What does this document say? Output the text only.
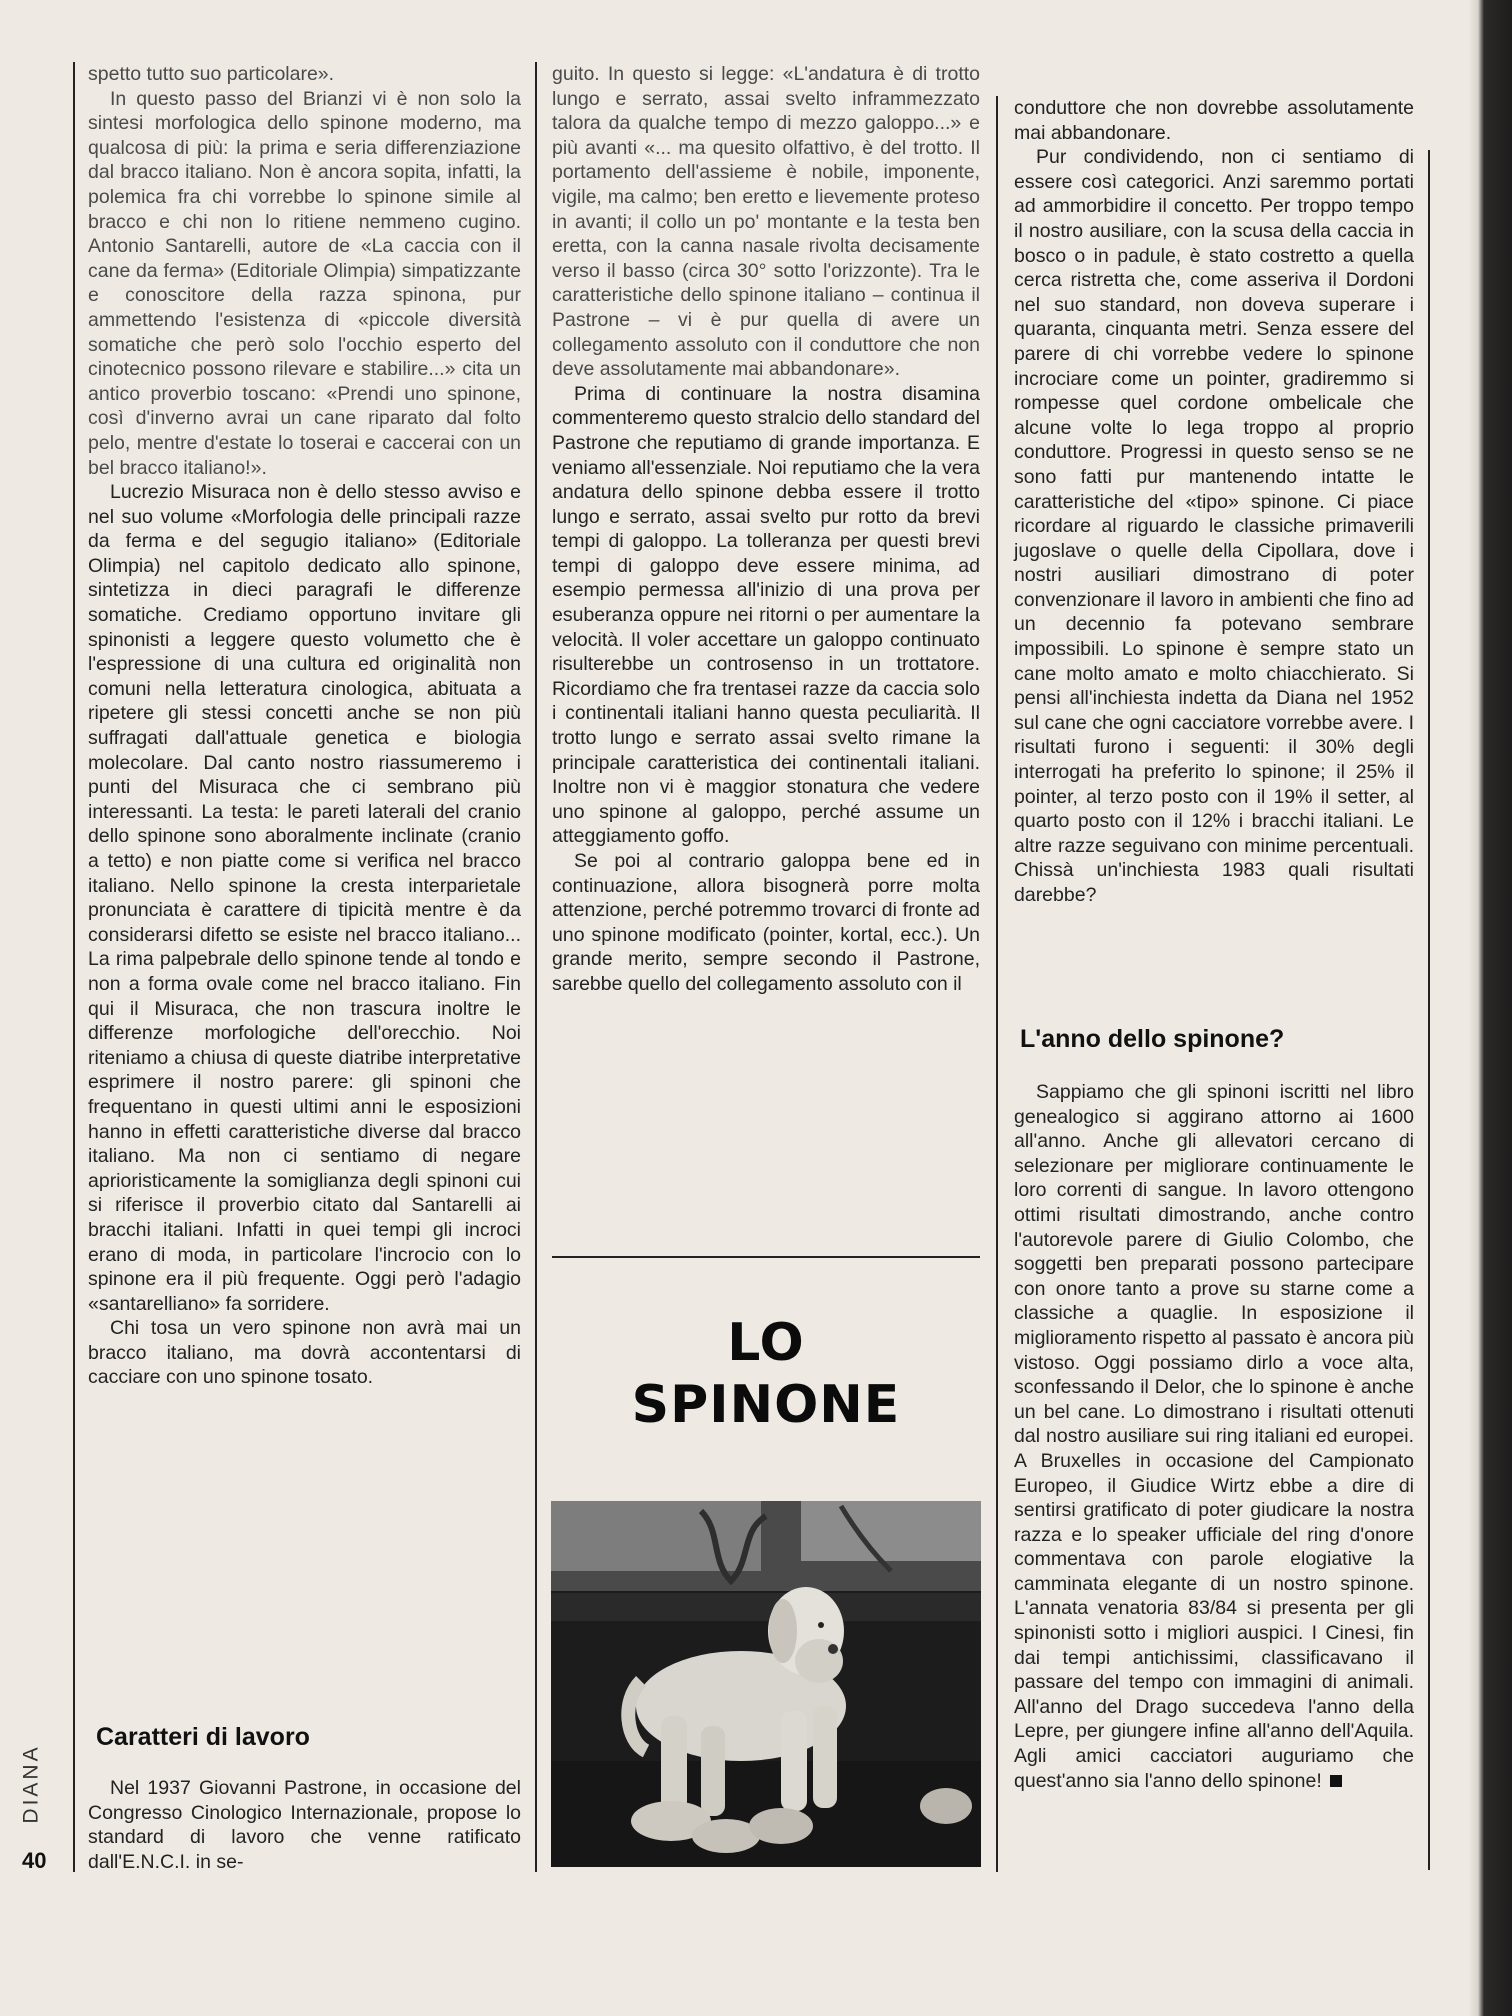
spetto tutto suo particolare».

In questo passo del Brianzi vi è non solo la sintesi morfologica dello spinone moderno, ma qualcosa di più: la prima e seria differenziazione dal bracco italiano. Non è ancora sopita, infatti, la polemica fra chi vorrebbe lo spinone simile al bracco e chi non lo ritiene nemmeno cugino. Antonio Santarelli, autore de «La caccia con il cane da ferma» (Editoriale Olimpia) simpatizzante e conoscitore della razza spinona, pur ammettendo l'esistenza di «piccole diversità somatiche che però solo l'occhio esperto del cinotecnico possono rilevare e stabilire...» cita un antico proverbio toscano: «Prendi uno spinone, così d'inverno avrai un cane riparato dal folto pelo, mentre d'estate lo toserai e caccerai con un bel bracco italiano!».

Lucrezio Misuraca non è dello stesso avviso e nel suo volume «Morfologia delle principali razze da ferma e del segugio italiano» (Editoriale Olimpia) nel capitolo dedicato allo spinone, sintetizza in dieci paragrafi le differenze somatiche. Crediamo opportuno invitare gli spinonisti a leggere questo volumetto che è l'espressione di una cultura ed originalità non comuni nella letteratura cinologica, abituata a ripetere gli stessi concetti anche se non più suffragati dall'attuale genetica e biologia molecolare. Dal canto nostro riassumeremo i punti del Misuraca che ci sembrano più interessanti. La testa: le pareti laterali del cranio dello spinone sono aboralmente inclinate (cranio a tetto) e non piatte come si verifica nel bracco italiano. Nello spinone la cresta interparietale pronunciata è carattere di tipicità mentre è da considerarsi difetto se esiste nel bracco italiano... La rima palpebrale dello spinone tende al tondo e non a forma ovale come nel bracco italiano. Fin qui il Misuraca, che non trascura inoltre le differenze morfologiche dell'orecchio. Noi riteniamo a chiusa di queste diatribe interpretative esprimere il nostro parere: gli spinoni che frequentano in questi ultimi anni le esposizioni hanno in effetti caratteristiche diverse dal bracco italiano. Ma non ci sentiamo di negare aprioristicamente la somiglianza degli spinoni cui si riferisce il proverbio citato dal Santarelli ai bracchi italiani. Infatti in quei tempi gli incroci erano di moda, in particolare l'incrocio con lo spinone era il più frequente. Oggi però l'adagio «santarelliano» fa sorridere.

Chi tosa un vero spinone non avrà mai un bracco italiano, ma dovrà accontentarsi di cacciare con uno spinone tosato.

Caratteri di lavoro

Nel 1937 Giovanni Pastrone, in occasione del Congresso Cinologico Internazionale, propose lo standard di lavoro che venne ratificato dall'E.N.C.I. in se-

guito. In questo si legge: «L'andatura è di trotto lungo e serrato, assai svelto inframmezzato talora da qualche tempo di mezzo galoppo...» e più avanti «... ma quesito olfattivo, è del trotto. Il portamento dell'assieme è nobile, imponente, vigile, ma calmo; ben eretto e lievemente proteso in avanti; il collo un po' montante e la testa ben eretta, con la canna nasale rivolta decisamente verso il basso (circa 30° sotto l'orizzonte). Tra le caratteristiche dello spinone italiano – continua il Pastrone – vi è pur quella di avere un collegamento assoluto con il conduttore che non deve assolutamente mai abbandonare».

Prima di continuare la nostra disamina commenteremo questo stralcio dello standard del Pastrone che reputiamo di grande importanza. E veniamo all'essenziale. Noi reputiamo che la vera andatura dello spinone debba essere il trotto lungo e serrato, assai svelto pur rotto da brevi tempi di galoppo. La tolleranza per questi brevi tempi di galoppo deve essere minima, ad esempio permessa all'inizio di una prova per esuberanza oppure nei ritorni o per aumentare la velocità. Il voler accettare un galoppo continuato risulterebbe un controsenso in un trottatore. Ricordiamo che fra trentasei razze da caccia solo i continentali italiani hanno questa peculiarità. Il trotto lungo e serrato assai svelto rimane la principale caratteristica dei continentali italiani. Inoltre non vi è maggior stonatura che vedere uno spinone al galoppo, perché assume un atteggiamento goffo.

Se poi al contrario galoppa bene ed in continuazione, allora bisognerà porre molta attenzione, perché potremmo trovarci di fronte ad uno spinone modificato (pointer, kortal, ecc.). Un grande merito, sempre secondo il Pastrone, sarebbe quello del collegamento assoluto con il

LO
SPINONE

conduttore che non dovrebbe assolutamente mai abbandonare.

Pur condividendo, non ci sentiamo di essere così categorici. Anzi saremmo portati ad ammorbidire il concetto. Per troppo tempo il nostro ausiliare, con la scusa della caccia in bosco o in padule, è stato costretto a quella cerca ristretta che, come asseriva il Dordoni nel suo standard, non doveva superare i quaranta, cinquanta metri. Senza essere del parere di chi vorrebbe vedere lo spinone incrociare come un pointer, gradiremmo si rompesse quel cordone ombelicale che alcune volte lo lega troppo al proprio conduttore. Progressi in questo senso se ne sono fatti pur mantenendo intatte le caratteristiche del «tipo» spinone. Ci piace ricordare al riguardo le classiche primaverili jugoslave o quelle della Cipollara, dove i nostri ausiliari dimostrano di poter convenzionare il lavoro in ambienti che fino ad un decennio fa potevano sembrare impossibili. Lo spinone è sempre stato un cane molto amato e molto chiacchierato. Si pensi all'inchiesta indetta da Diana nel 1952 sul cane che ogni cacciatore vorrebbe avere. I risultati furono i seguenti: il 30% degli interrogati ha preferito lo spinone; il 25% il pointer, al terzo posto con il 19% il setter, al quarto posto con il 12% i bracchi italiani. Le altre razze seguivano con minime percentuali. Chissà un'inchiesta 1983 quali risultati darebbe?

L'anno dello spinone?

Sappiamo che gli spinoni iscritti nel libro genealogico si aggirano attorno ai 1600 all'anno. Anche gli allevatori cercano di selezionare per migliorare continuamente le loro correnti di sangue. In lavoro ottengono ottimi risultati dimostrando, anche contro l'autorevole parere di Giulio Colombo, che soggetti ben preparati possono partecipare con onore tanto a prove su starne come a classiche a quaglie. In esposizione il miglioramento rispetto al passato è ancora più vistoso. Oggi possiamo dirlo a voce alta, sconfessando il Delor, che lo spinone è anche un bel cane. Lo dimostrano i risultati ottenuti dal nostro ausiliare sui ring italiani ed europei. A Bruxelles in occasione del Campionato Europeo, il Giudice Wirtz ebbe a dire di sentirsi gratificato di poter giudicare la nostra razza e lo speaker ufficiale del ring d'onore commentava con parole elogiative la camminata elegante di un nostro spinone. L'annata venatoria 83/84 si presenta per gli spinonisti sotto i migliori auspici. I Cinesi, fin dai tempi antichissimi, classificavano il passare del tempo con immagini di animali. All'anno del Drago succedeva l'anno della Lepre, per giungere infine all'anno dell'Aquila. Agli amici cacciatori auguriamo che quest'anno sia l'anno dello spinone!

DIANA
40
